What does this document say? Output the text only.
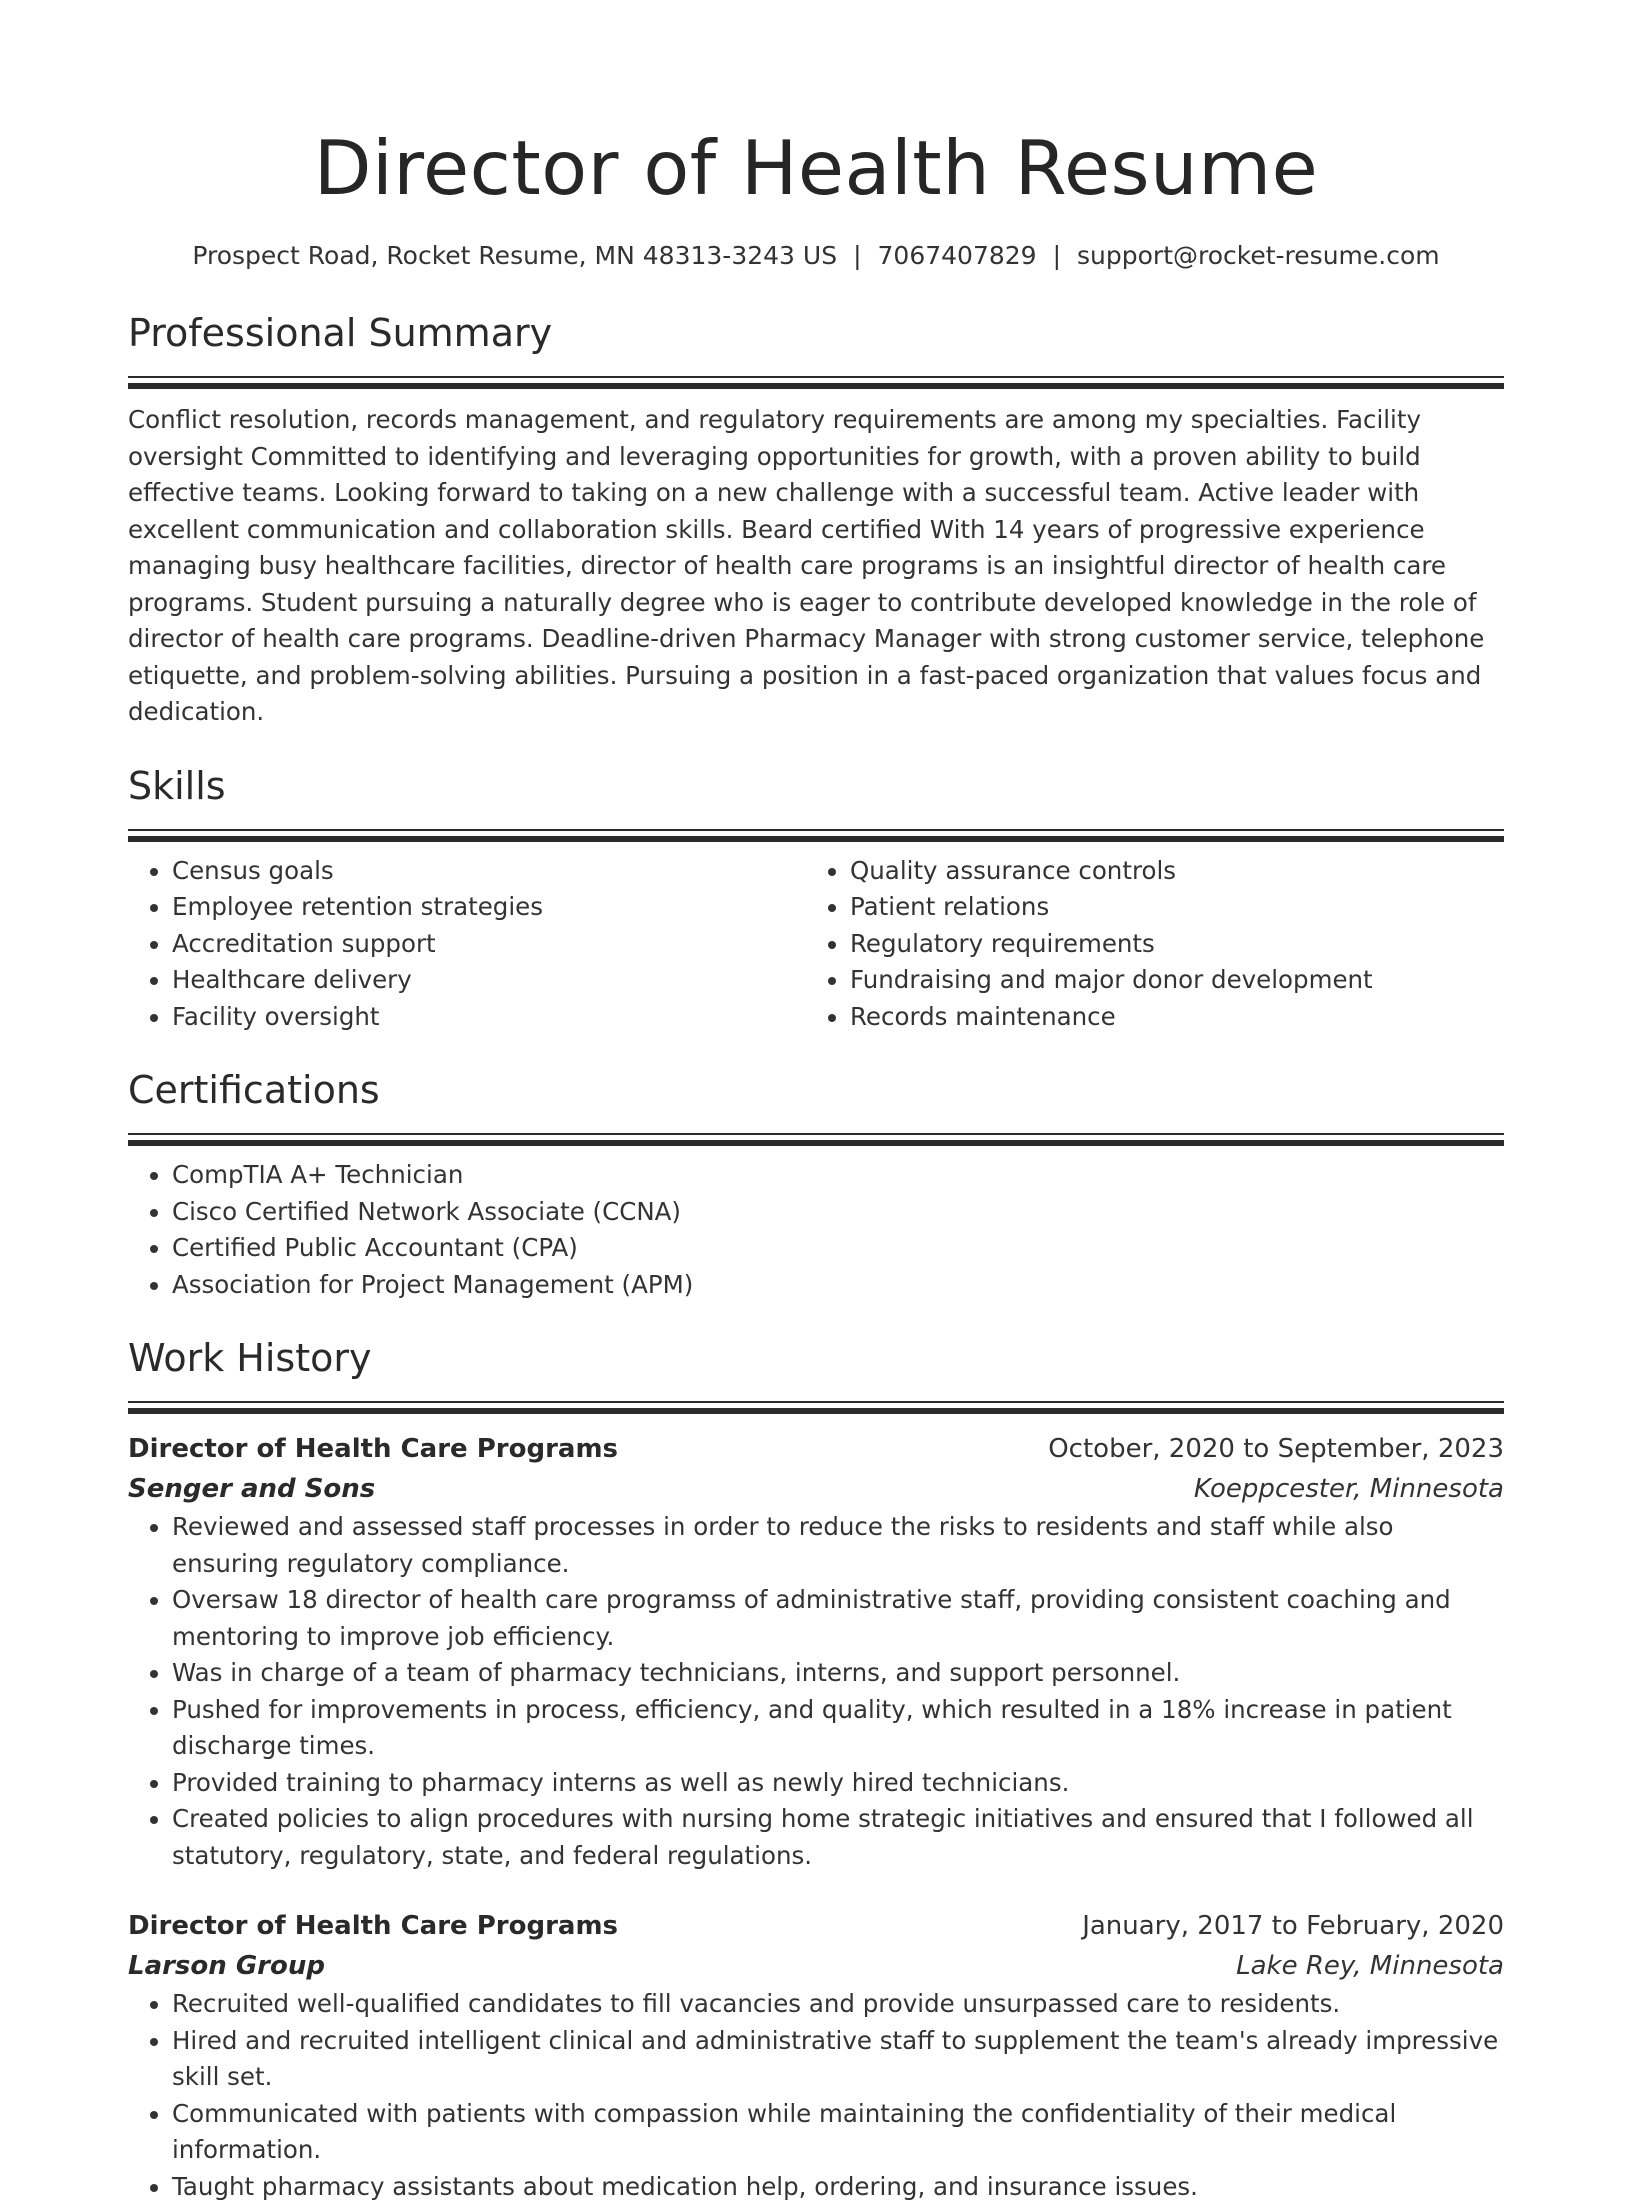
Director of Health Resume
Prospect Road, Rocket Resume, MN 48313-3243 US | 7067407829 | support@rocket-resume.com
Professional Summary
Conflict resolution, records management, and regulatory requirements are among my specialties. Facility oversight Committed to identifying and leveraging opportunities for growth, with a proven ability to build effective teams. Looking forward to taking on a new challenge with a successful team. Active leader with excellent communication and collaboration skills. Beard certified With 14 years of progressive experience managing busy healthcare facilities, director of health care programs is an insightful director of health care programs. Student pursuing a naturally degree who is eager to contribute developed knowledge in the role of director of health care programs. Deadline-driven Pharmacy Manager with strong customer service, telephone etiquette, and problem-solving abilities. Pursuing a position in a fast-paced organization that values focus and dedication.
Skills
• Census goals
• Employee retention strategies
• Accreditation support
• Healthcare delivery
• Facility oversight
• Quality assurance controls
• Patient relations
• Regulatory requirements
• Fundraising and major donor development
• Records maintenance
Certifications
• CompTIA A+ Technician
• Cisco Certified Network Associate (CCNA)
• Certified Public Accountant (CPA)
• Association for Project Management (APM)
Work History
Director of Health Care Programs	October, 2020 to September, 2023
Senger and Sons	Koeppcester, Minnesota
• Reviewed and assessed staff processes in order to reduce the risks to residents and staff while also ensuring regulatory compliance.
• Oversaw 18 director of health care programss of administrative staff, providing consistent coaching and mentoring to improve job efficiency.
• Was in charge of a team of pharmacy technicians, interns, and support personnel.
• Pushed for improvements in process, efficiency, and quality, which resulted in a 18% increase in patient discharge times.
• Provided training to pharmacy interns as well as newly hired technicians.
• Created policies to align procedures with nursing home strategic initiatives and ensured that I followed all statutory, regulatory, state, and federal regulations.
Director of Health Care Programs	January, 2017 to February, 2020
Larson Group	Lake Rey, Minnesota
• Recruited well-qualified candidates to fill vacancies and provide unsurpassed care to residents.
• Hired and recruited intelligent clinical and administrative staff to supplement the team's already impressive skill set.
• Communicated with patients with compassion while maintaining the confidentiality of their medical information.
• Taught pharmacy assistants about medication help, ordering, and insurance issues.
